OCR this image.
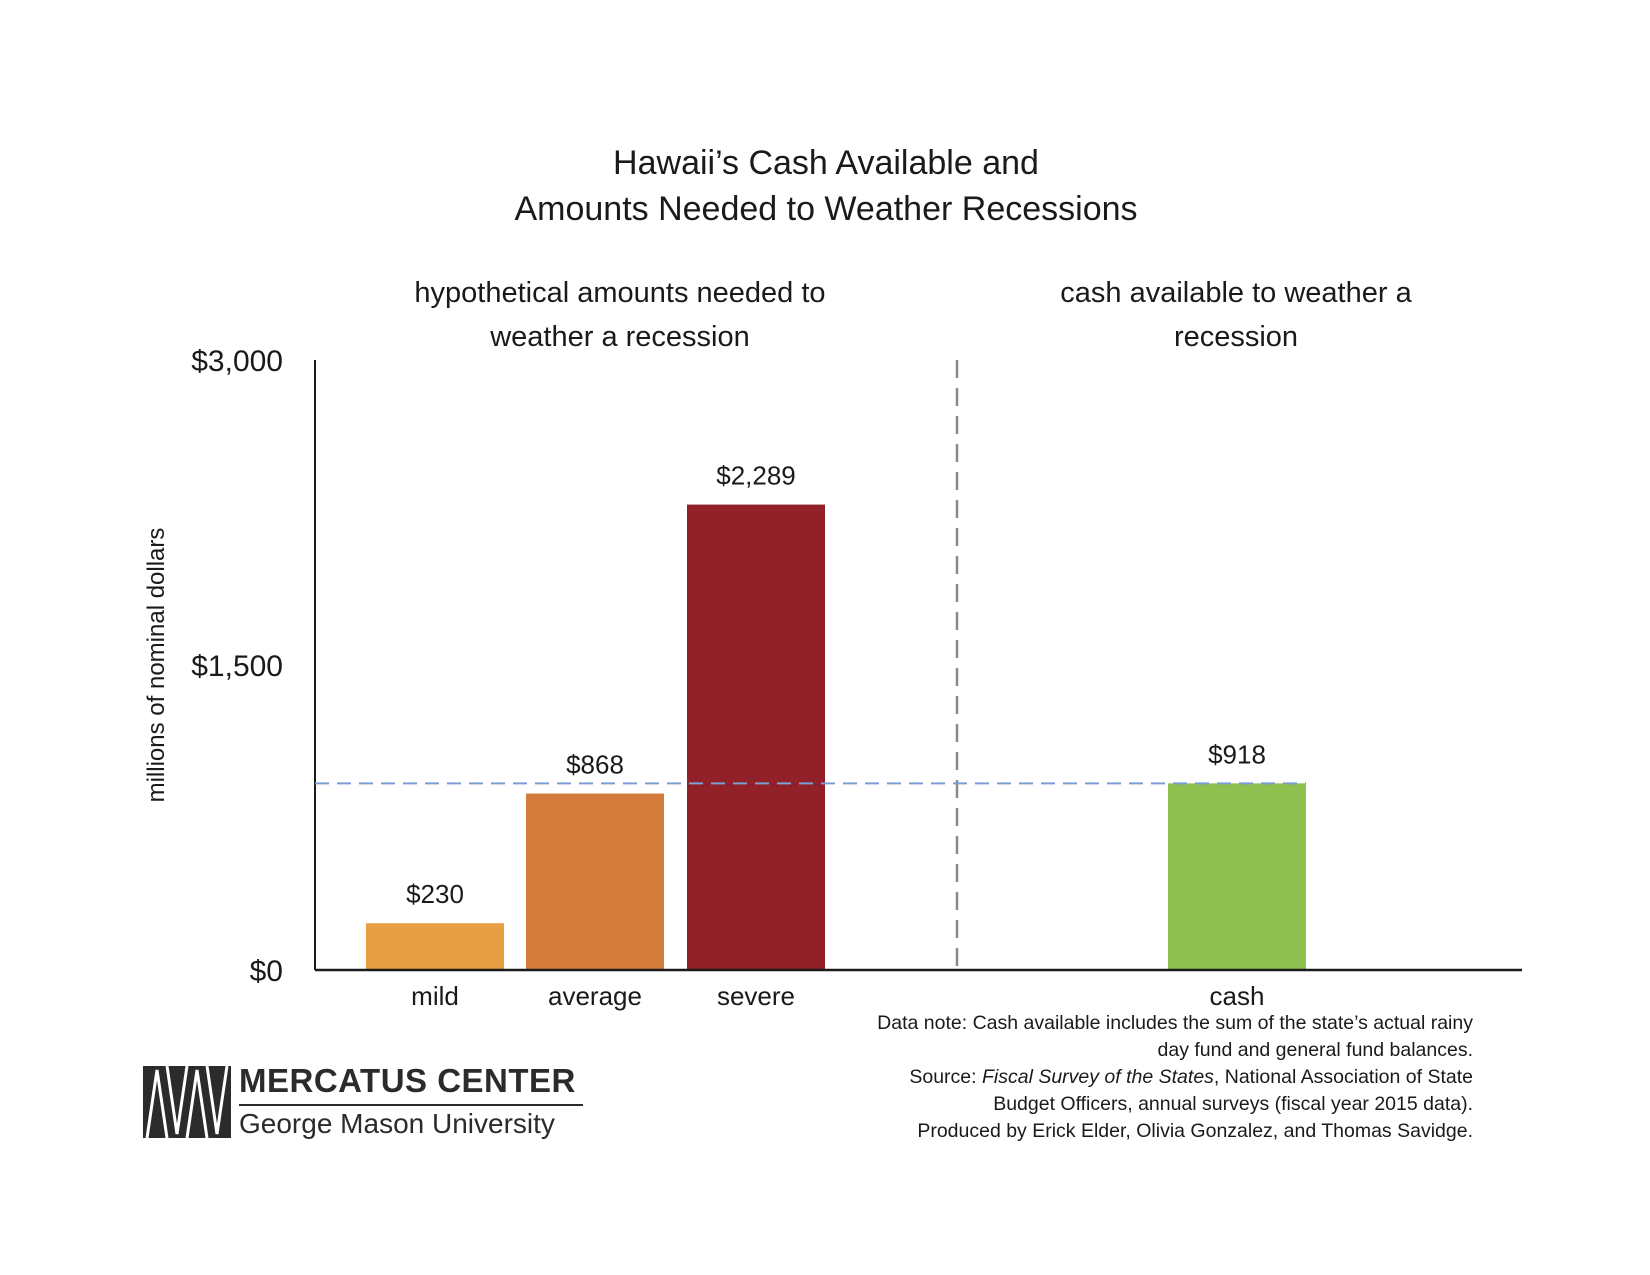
Hawaii’s Cash Available and
Amounts Needed to Weather Recessions
hypothetical amounts needed to
weather a recession
cash available to weather a
recession
millions of nominal dollars
$0
$1,500
$3,000
$230
$868
$2,289
$918
mild	average	severe	cash
Data note: Cash available includes the sum of the state’s actual rainy
day fund and general fund balances.
Source: Fiscal Survey of the States, National Association of State
Budget Officers, annual surveys (fiscal year 2015 data).
Produced by Erick Elder, Olivia Gonzalez, and Thomas Savidge.
MERCATUS CENTER
George Mason University
